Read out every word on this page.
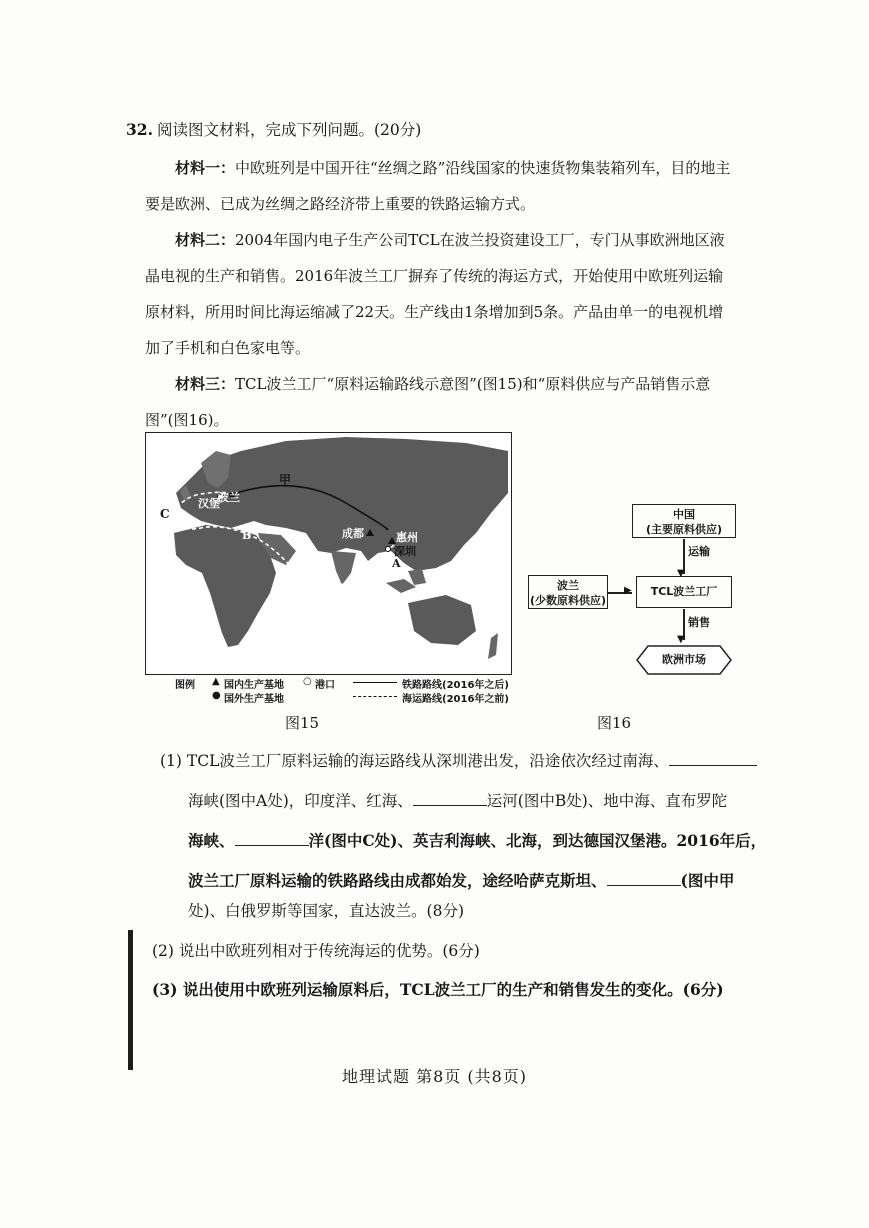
32. 阅读图文材料，完成下列问题。(20分)

材料一：中欧班列是中国开往“丝绸之路”沿线国家的快速货物集装箱列车，目的地主要是欧洲、已成为丝绸之路经济带上重要的铁路运输方式。

材料二：2004年国内电子生产公司TCL在波兰投资建设工厂，专门从事欧洲地区液晶电视的生产和销售。2016年波兰工厂摒弃了传统的海运方式，开始使用中欧班列运输原材料，所用时间比海运缩减了22天。生产线由1条增加到5条。产品由单一的电视机增加了手机和白色家电等。

材料三：TCL波兰工厂“原料运输路线示意图”(图15)和“原料供应与产品销售示意图”(图16)。

甲
波兰
汉堡
C
B
A
成都	惠州
深圳
图例 ▲ 国内生产基地
● 国外生产基地
○ 港口	铁路路线(2016年之后)
海运路线(2016年之前)
图15
中国
(主要原料供应)
▼
运输
波兰
(少数原料供应)
▶	TCL波兰工厂
▼
销售
欧洲市场
图16
(1) TCL波兰工厂原料运输的海运路线从深圳港出发，沿途依次经过南海、
海峡(图中A处)，印度洋、红海、	运河(图中B处)、地中海、直布罗陀
海峡、	洋(图中C处)、英吉利海峡、北海，到达德国汉堡港。2016年后，
波兰工厂原料运输的铁路路线由成都始发，途经哈萨克斯坦、	(图中甲
处)、白俄罗斯等国家，直达波兰。(8分)
(2) 说出中欧班列相对于传统海运的优势。(6分)
(3) 说出使用中欧班列运输原料后，TCL波兰工厂的生产和销售发生的变化。(6分)
地理试题 第8页 (共8页)
